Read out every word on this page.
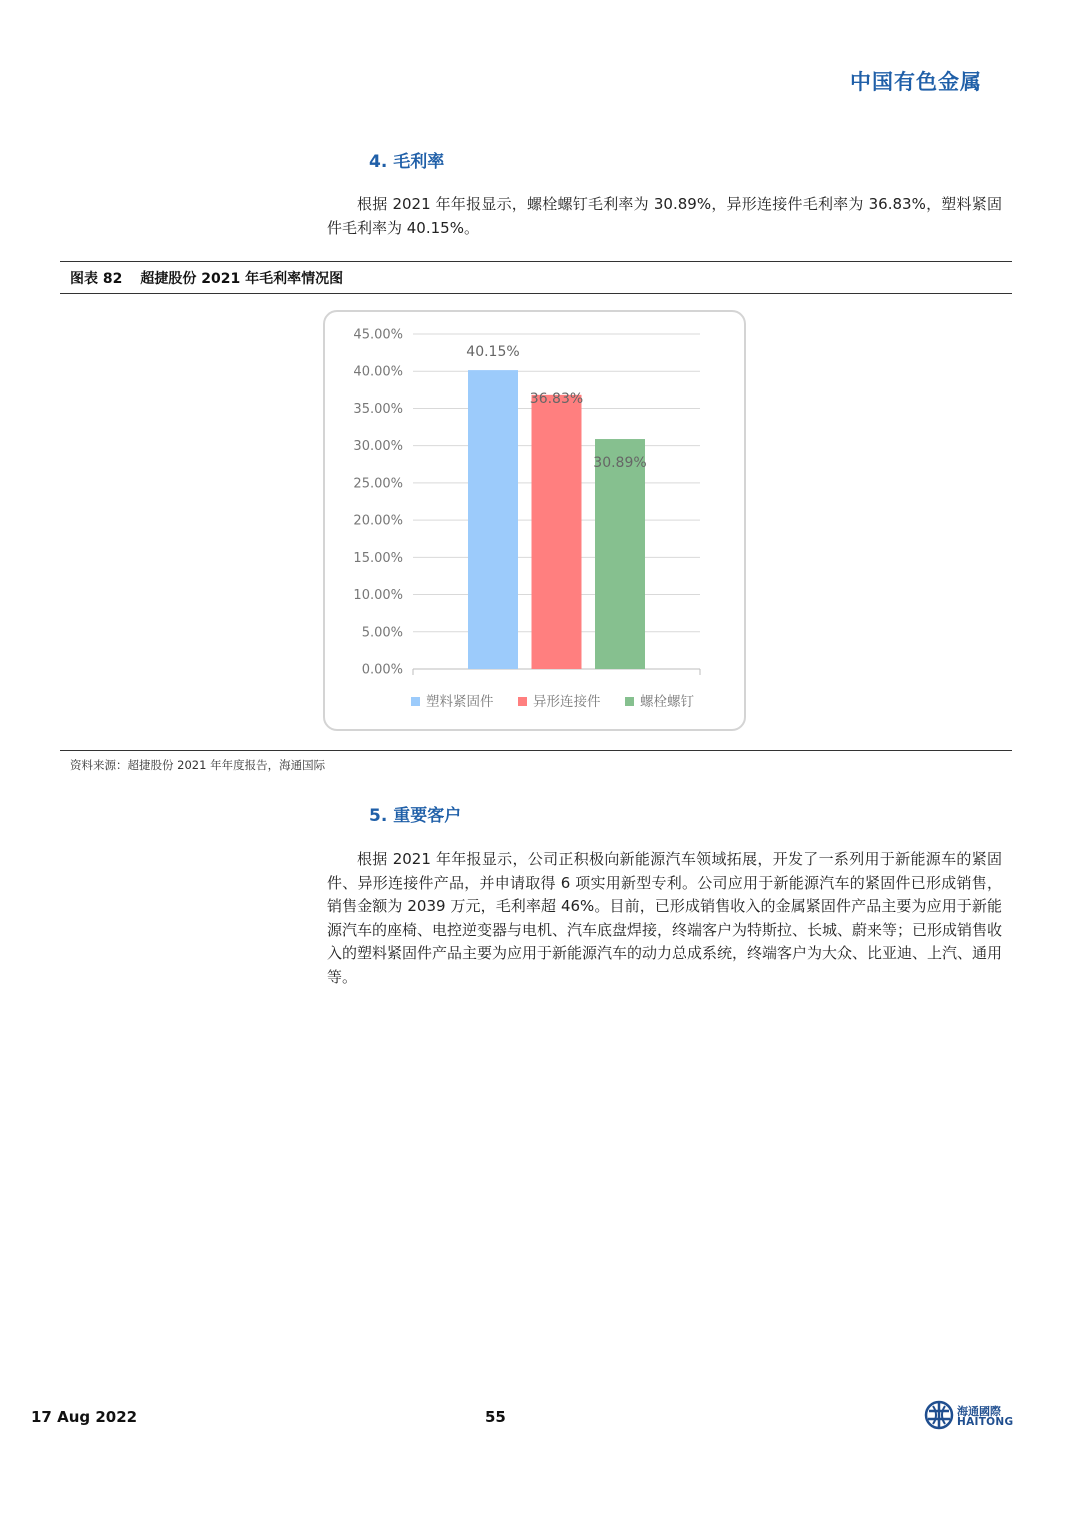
中国有色金属
4. 毛利率

根据 2021 年年报显示，螺栓螺钉毛利率为 30.89%，异形连接件毛利率为 36.83%，塑料紧固件毛利率为 40.15%。

图表 82 超捷股份 2021 年毛利率情况图
0.00%
5.00%
10.00%
15.00%
20.00%
25.00%
30.00%
35.00%
40.00%
45.00%
40.15%
36.83%
30.89%
塑料紧固件	异形连接件	螺栓螺钉
资料来源：超捷股份 2021 年年度报告，海通国际
5. 重要客户

根据 2021 年年报显示，公司正积极向新能源汽车领域拓展，开发了一系列用于新能源车的紧固件、异形连接件产品，并申请取得 6 项实用新型专利。公司应用于新能源汽车的紧固件已形成销售，销售金额为 2039 万元，毛利率超 46%。目前，已形成销售收入的金属紧固件产品主要为应用于新能源汽车的座椅、电控逆变器与电机、汽车底盘焊接，终端客户为特斯拉、长城、蔚来等；已形成销售收入的塑料紧固件产品主要为应用于新能源汽车的动力总成系统，终端客户为大众、比亚迪、上汽、通用等。

17 Aug 2022	55	海通國際
HAITONG
